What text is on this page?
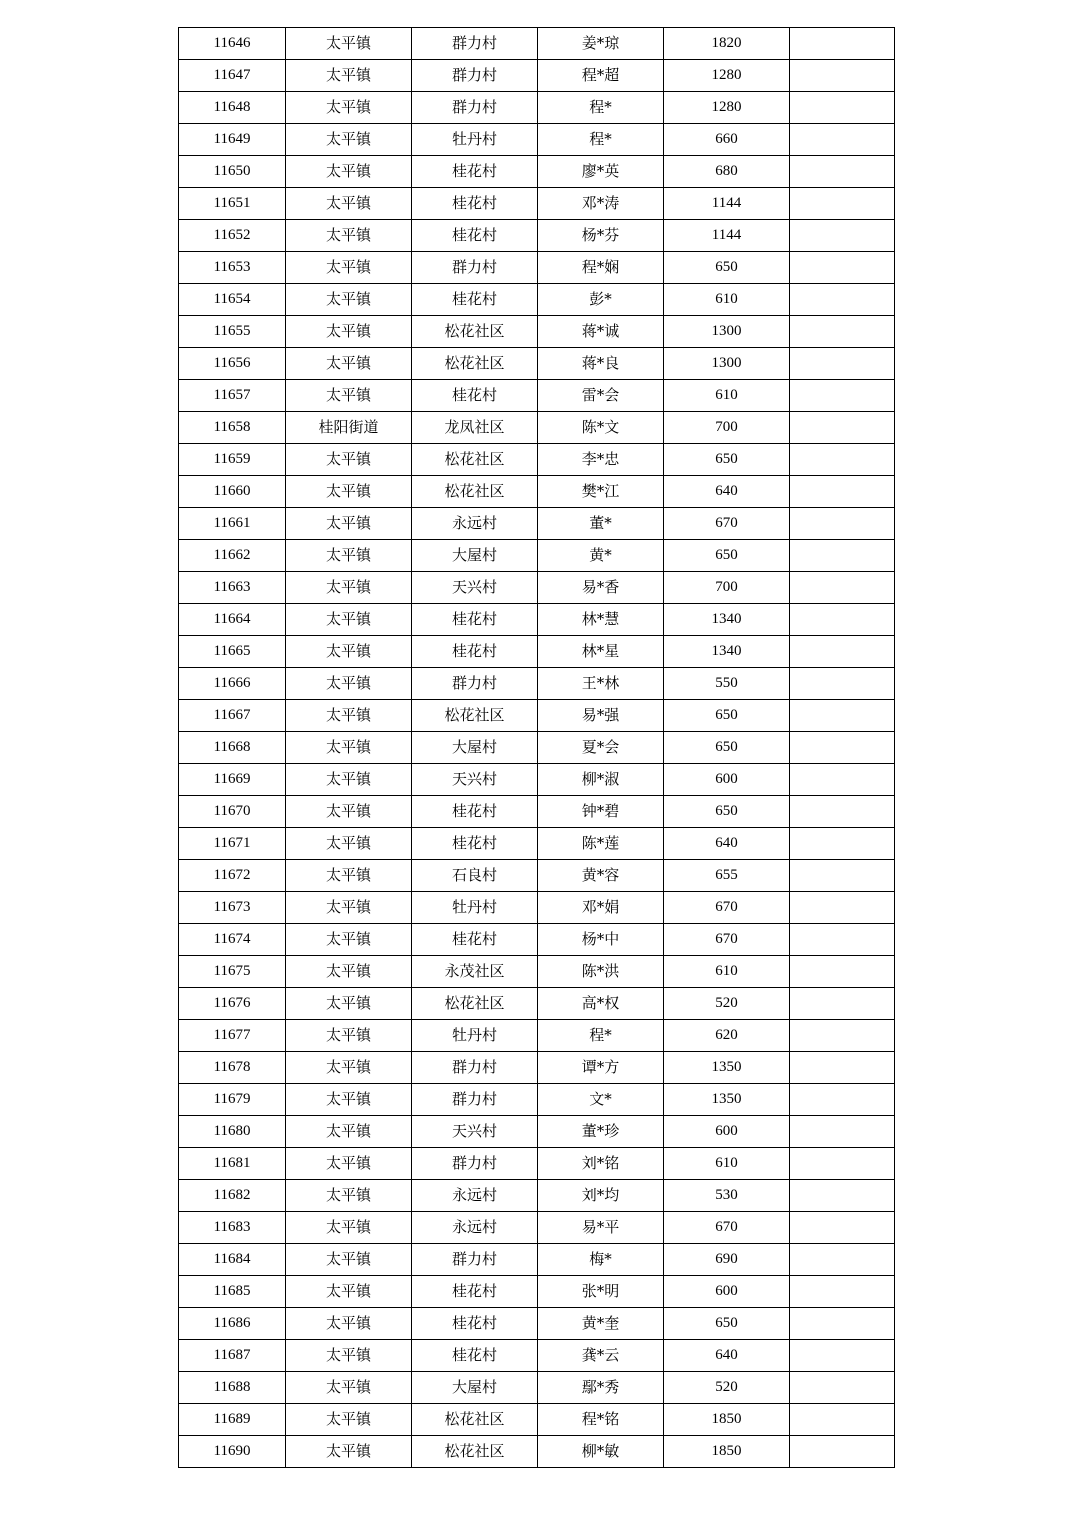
11646	太平镇	群力村	姜*琼	1820	
11647	太平镇	群力村	程*超	1280	
11648	太平镇	群力村	程*	1280	
11649	太平镇	牡丹村	程*	660	
11650	太平镇	桂花村	廖*英	680	
11651	太平镇	桂花村	邓*涛	1144	
11652	太平镇	桂花村	杨*芬	1144	
11653	太平镇	群力村	程*娴	650	
11654	太平镇	桂花村	彭*	610	
11655	太平镇	松花社区	蒋*诚	1300	
11656	太平镇	松花社区	蒋*良	1300	
11657	太平镇	桂花村	雷*会	610	
11658	桂阳街道	龙凤社区	陈*文	700	
11659	太平镇	松花社区	李*忠	650	
11660	太平镇	松花社区	樊*江	640	
11661	太平镇	永远村	董*	670	
11662	太平镇	大屋村	黄*	650	
11663	太平镇	天兴村	易*香	700	
11664	太平镇	桂花村	林*慧	1340	
11665	太平镇	桂花村	林*星	1340	
11666	太平镇	群力村	王*林	550	
11667	太平镇	松花社区	易*强	650	
11668	太平镇	大屋村	夏*会	650	
11669	太平镇	天兴村	柳*淑	600	
11670	太平镇	桂花村	钟*碧	650	
11671	太平镇	桂花村	陈*莲	640	
11672	太平镇	石良村	黄*容	655	
11673	太平镇	牡丹村	邓*娟	670	
11674	太平镇	桂花村	杨*中	670	
11675	太平镇	永茂社区	陈*洪	610	
11676	太平镇	松花社区	高*权	520	
11677	太平镇	牡丹村	程*	620	
11678	太平镇	群力村	谭*方	1350	
11679	太平镇	群力村	文*	1350	
11680	太平镇	天兴村	董*珍	600	
11681	太平镇	群力村	刘*铭	610	
11682	太平镇	永远村	刘*均	530	
11683	太平镇	永远村	易*平	670	
11684	太平镇	群力村	梅*	690	
11685	太平镇	桂花村	张*明	600	
11686	太平镇	桂花村	黄*奎	650	
11687	太平镇	桂花村	龚*云	640	
11688	太平镇	大屋村	鄢*秀	520	
11689	太平镇	松花社区	程*铭	1850	
11690	太平镇	松花社区	柳*敏	1850	
